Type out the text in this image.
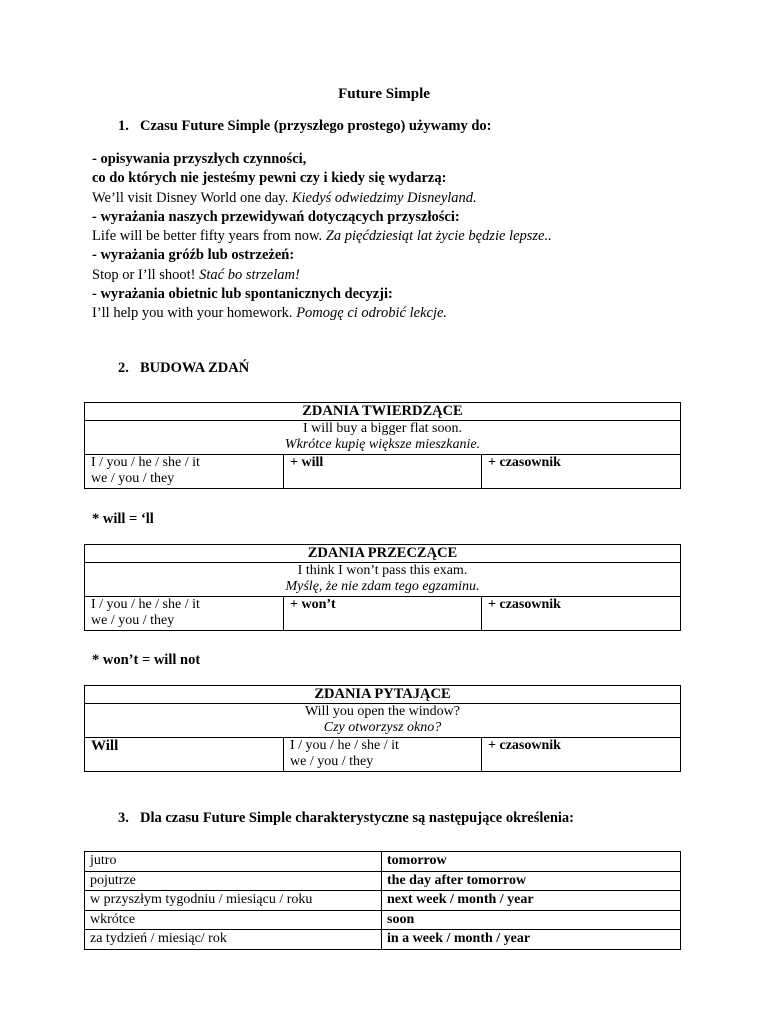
Future Simple
1. Czasu Future Simple (przyszłego prostego) używamy do:
- opisywania przyszłych czynności,
co do których nie jesteśmy pewni czy i kiedy się wydarzą:
We’ll visit Disney World one day. Kiedyś odwiedzimy Disneyland.
- wyrażania naszych przewidywań dotyczących przyszłości:
Life will be better fifty years from now. Za pięćdziesiąt lat życie będzie lepsze..
- wyrażania gróźb lub ostrzeżeń:
Stop or I’ll shoot! Stać bo strzelam!
- wyrażania obietnic lub spontanicznych decyzji:
I’ll help you with your homework. Pomogę ci odrobić lekcje.
2. BUDOWA ZDAŃ
ZDANIA TWIERDZĄCE

I will buy a bigger flat soon.
Wkrótce kupię większe mieszkanie.

I / you / he / she / it
we / you / they
	+ will	+ czasownik
* will = ‘ll
ZDANIA PRZECZĄCE

I think I won’t pass this exam.
Myślę, że nie zdam tego egzaminu.

I / you / he / she / it
we / you / they
	+ won’t	+ czasownik
* won’t = will not
ZDANIA PYTAJĄCE

Will you open the window?
Czy otworzysz okno?

Will	I / you / he / she / it
we / you / they
	+ czasownik
3. Dla czasu Future Simple charakterystyczne są następujące określenia:
jutro	tomorrow
pojutrze	the day after tomorrow
w przyszłym tygodniu / miesiącu / roku	next week / month / year
wkrótce	soon
za tydzień / miesiąc/ rok	in a week / month / year
